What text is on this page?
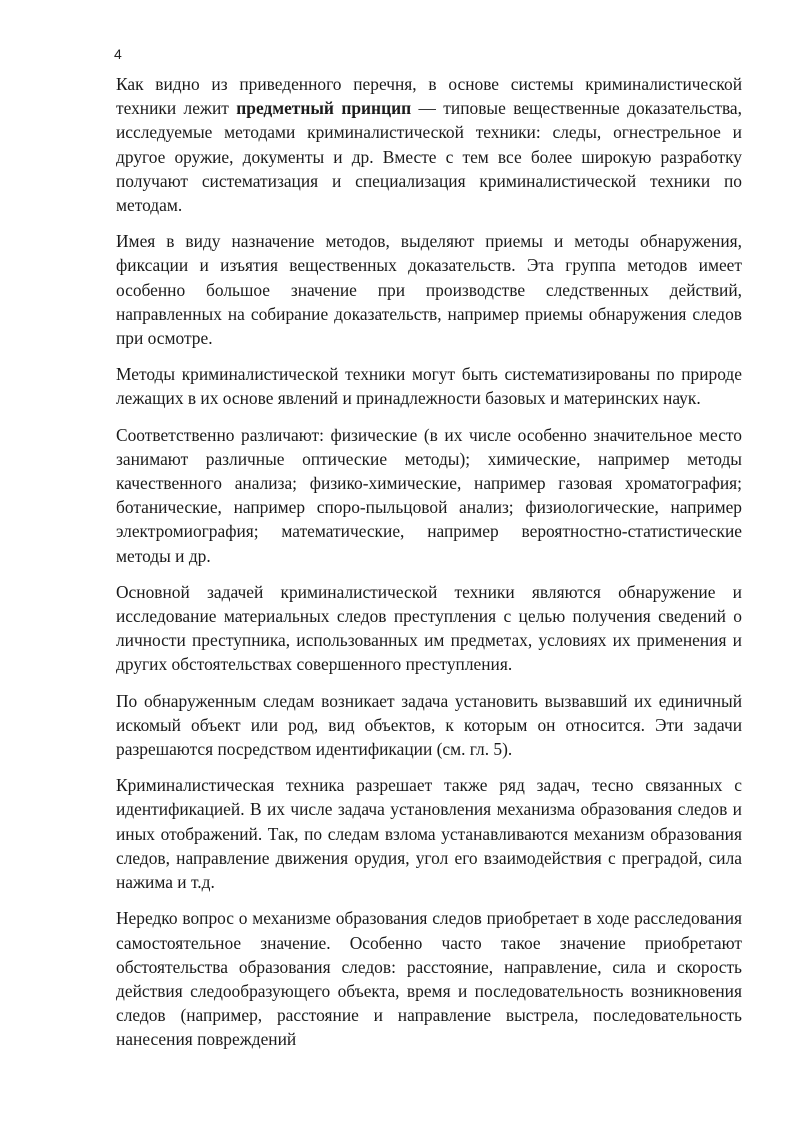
4

Как видно из приведенного перечня, в основе системы криминалистической техники лежит предметный принцип — типовые вещественные доказательства, исследуемые методами криминалистической техники: следы, огнестрельное и другое оружие, документы и др. Вместе с тем все более широкую разработку получают систематизация и специализация криминалистической техники по методам.

Имея в виду назначение методов, выделяют приемы и методы обнаружения, фиксации и изъятия вещественных доказательств. Эта группа методов имеет особенно большое значение при производстве следственных действий, направленных на собирание доказательств, например приемы обнаружения следов при осмотре.

Методы криминалистической техники могут быть систематизированы по природе лежащих в их основе явлений и принадлежности базовых и материнских наук.

Соответственно различают: физические (в их числе особенно значительное место занимают различные оптические методы); химические, например методы качественного анализа; физико-химические, например газовая хроматография; ботанические, например споро-пыльцовой анализ; физиологические, например электромиография; математические, например вероятностно-статистические методы и др.

Основной задачей криминалистической техники являются обнаружение и исследование материальных следов преступления с целью получения сведений о личности преступника, использованных им предметах, условиях их применения и других обстоятельствах совершенного преступления.

По обнаруженным следам возникает задача установить вызвавший их единичный искомый объект или род, вид объектов, к которым он относится. Эти задачи разрешаются посредством идентификации (см. гл. 5).

Криминалистическая техника разрешает также ряд задач, тесно связанных с идентификацией. В их числе задача установления механизма образования следов и иных отображений. Так, по следам взлома устанавливаются механизм образования следов, направление движения орудия, угол его взаимодействия с преградой, сила нажима и т.д.

Нередко вопрос о механизме образования следов приобретает в ходе расследования самостоятельное значение. Особенно часто такое значение приобретают обстоятельства образования следов: расстояние, направление, сила и скорость действия следообразующего объекта, время и последовательность возникновения следов (например, расстояние и направление выстрела, последовательность нанесения повреждений
